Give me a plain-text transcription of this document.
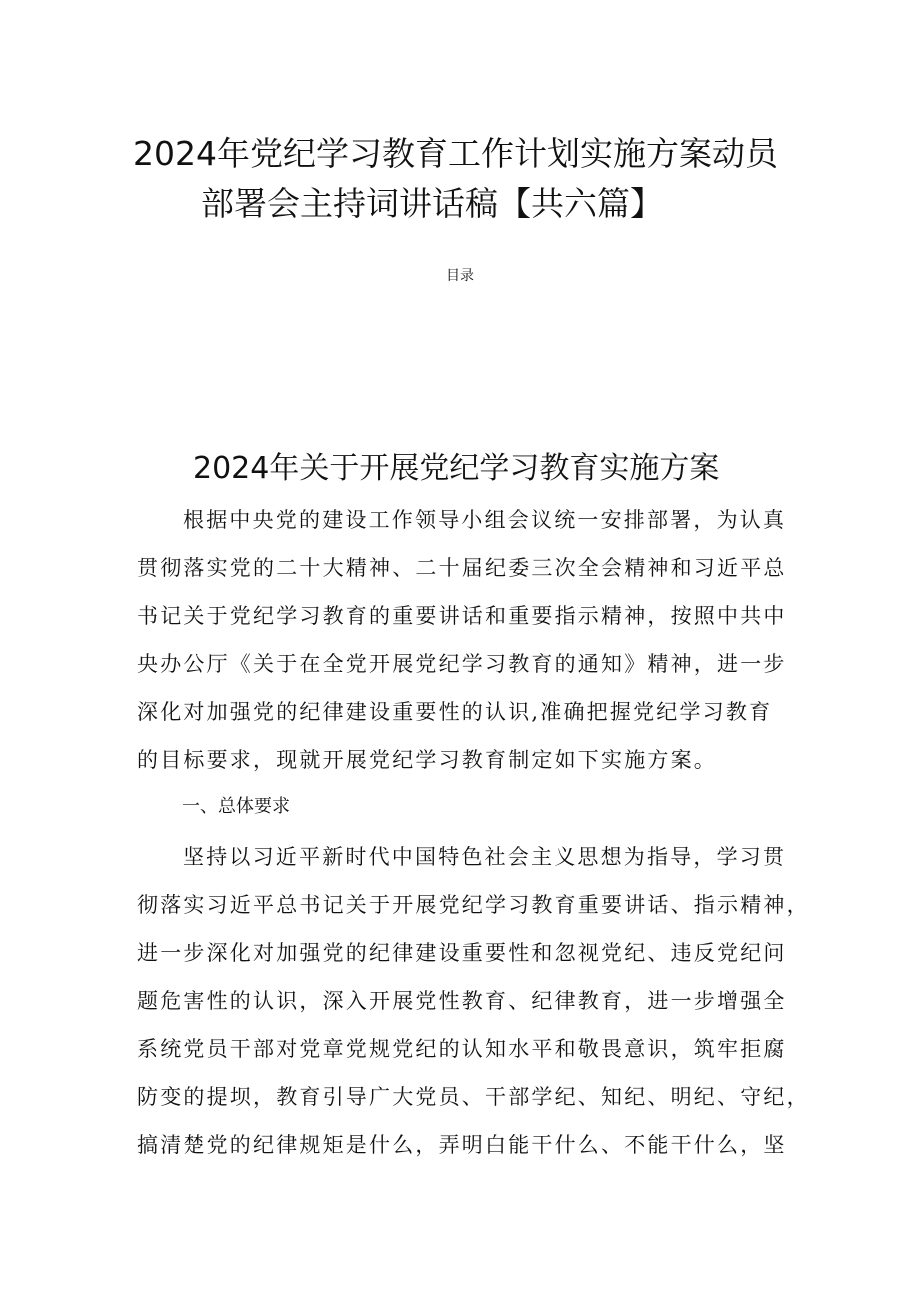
2024年党纪学习教育工作计划实施方案动员
部署会主持词讲话稿【共六篇】
目录
2024年关于开展党纪学习教育实施方案
根据中央党的建设工作领导小组会议统一安排部署，为认真
贯彻落实党的二十大精神、二十届纪委三次全会精神和习近平总
书记关于党纪学习教育的重要讲话和重要指示精神，按照中共中
央办公厅《关于在全党开展党纪学习教育的通知》精神，进一步
深化对加强党的纪律建设重要性的认识,准确把握党纪学习教育
的目标要求，现就开展党纪学习教育制定如下实施方案。
一、总体要求
坚持以习近平新时代中国特色社会主义思想为指导，学习贯
彻落实习近平总书记关于开展党纪学习教育重要讲话、指示精神，
进一步深化对加强党的纪律建设重要性和忽视党纪、违反党纪问
题危害性的认识，深入开展党性教育、纪律教育，进一步增强全
系统党员干部对党章党规党纪的认知水平和敬畏意识，筑牢拒腐
防变的提坝，教育引导广大党员、干部学纪、知纪、明纪、守纪，
搞清楚党的纪律规矩是什么，弄明白能干什么、不能干什么，坚
